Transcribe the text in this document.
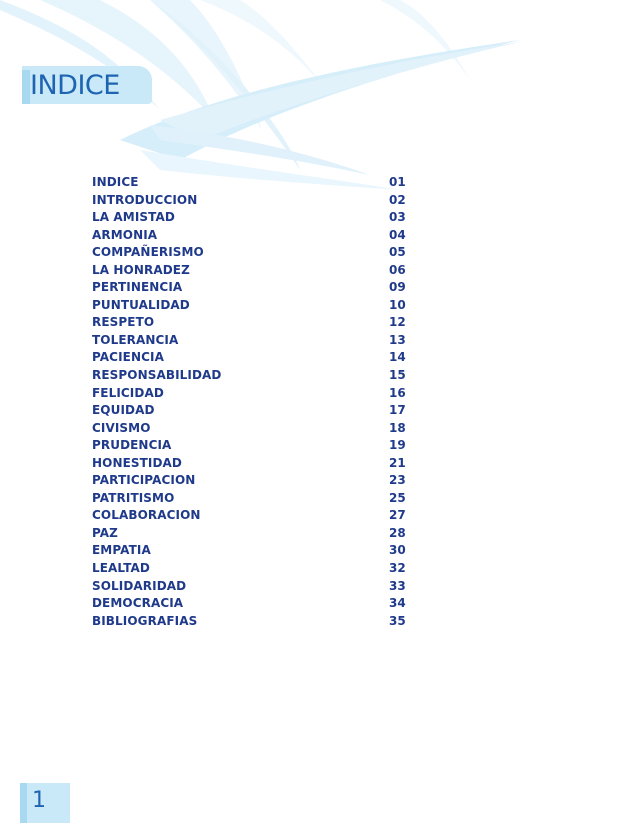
INDICE
INDICE	01
INTRODUCCION	02
LA AMISTAD	03
ARMONIA	04
COMPAÑERISMO	05
LA HONRADEZ	06
PERTINENCIA	09
PUNTUALIDAD	10
RESPETO	12
TOLERANCIA	13
PACIENCIA	14
RESPONSABILIDAD	15
FELICIDAD	16
EQUIDAD	17
CIVISMO	18
PRUDENCIA	19
HONESTIDAD	21
PARTICIPACION	23
PATRITISMO	25
COLABORACION	27
PAZ	28
EMPATIA	30
LEALTAD	32
SOLIDARIDAD	33
DEMOCRACIA	34
BIBLIOGRAFIAS	35
1
